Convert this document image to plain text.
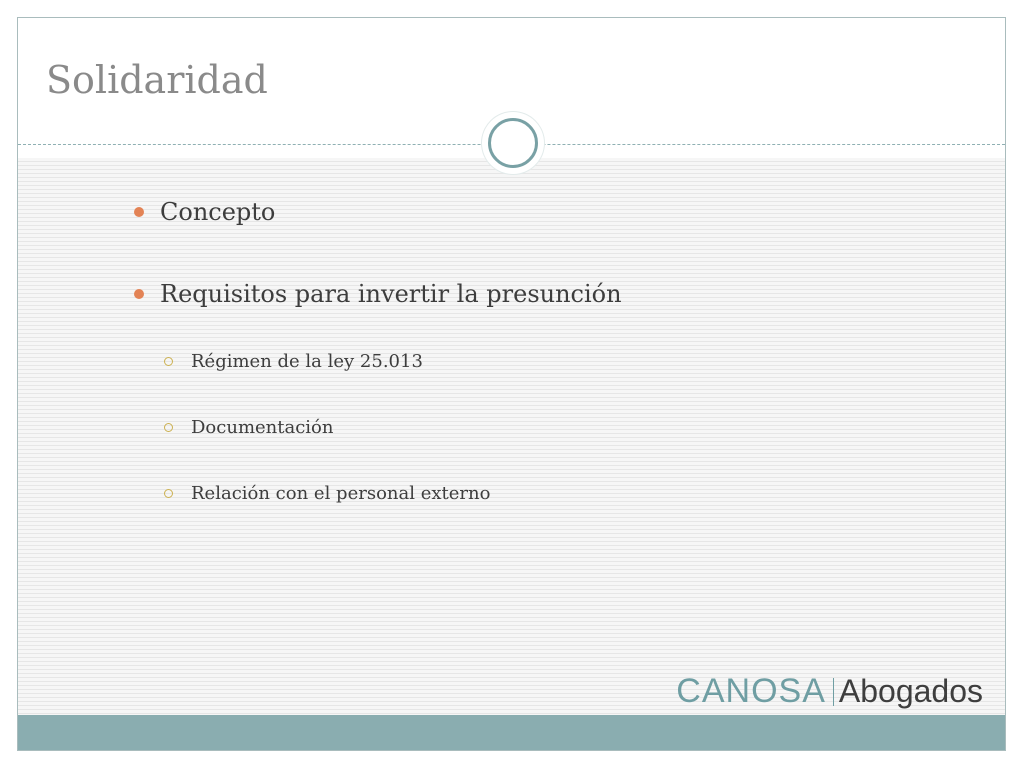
Solidaridad
Concepto
Requisitos para invertir la presunción
Régimen de la ley 25.013
Documentación
Relación con el personal externo
CANOSA Abogados
